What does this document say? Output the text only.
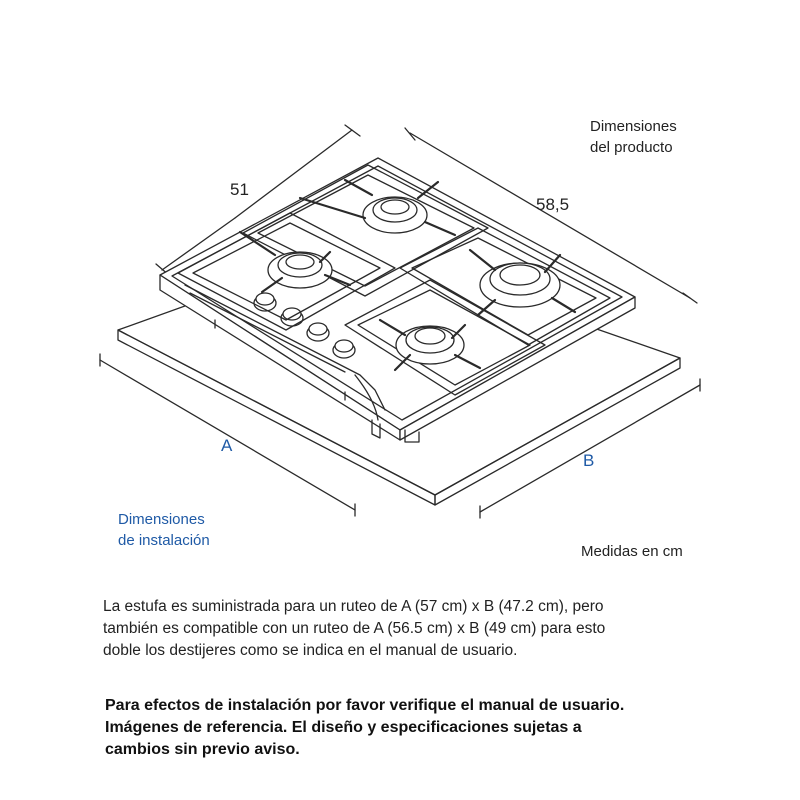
Dimensiones
del producto
51
58,5
A
B
Dimensiones
de instalación
Medidas en cm
La estufa es suministrada para un ruteo de A (57 cm) x B (47.2 cm), pero
también es compatible con un ruteo de A (56.5 cm) x B (49 cm) para esto
doble los destijeres como se indica en el manual de usuario.
Para efectos de instalación por favor verifique el manual de usuario.
Imágenes de referencia. El diseño y especificaciones sujetas a
cambios sin previo aviso.
